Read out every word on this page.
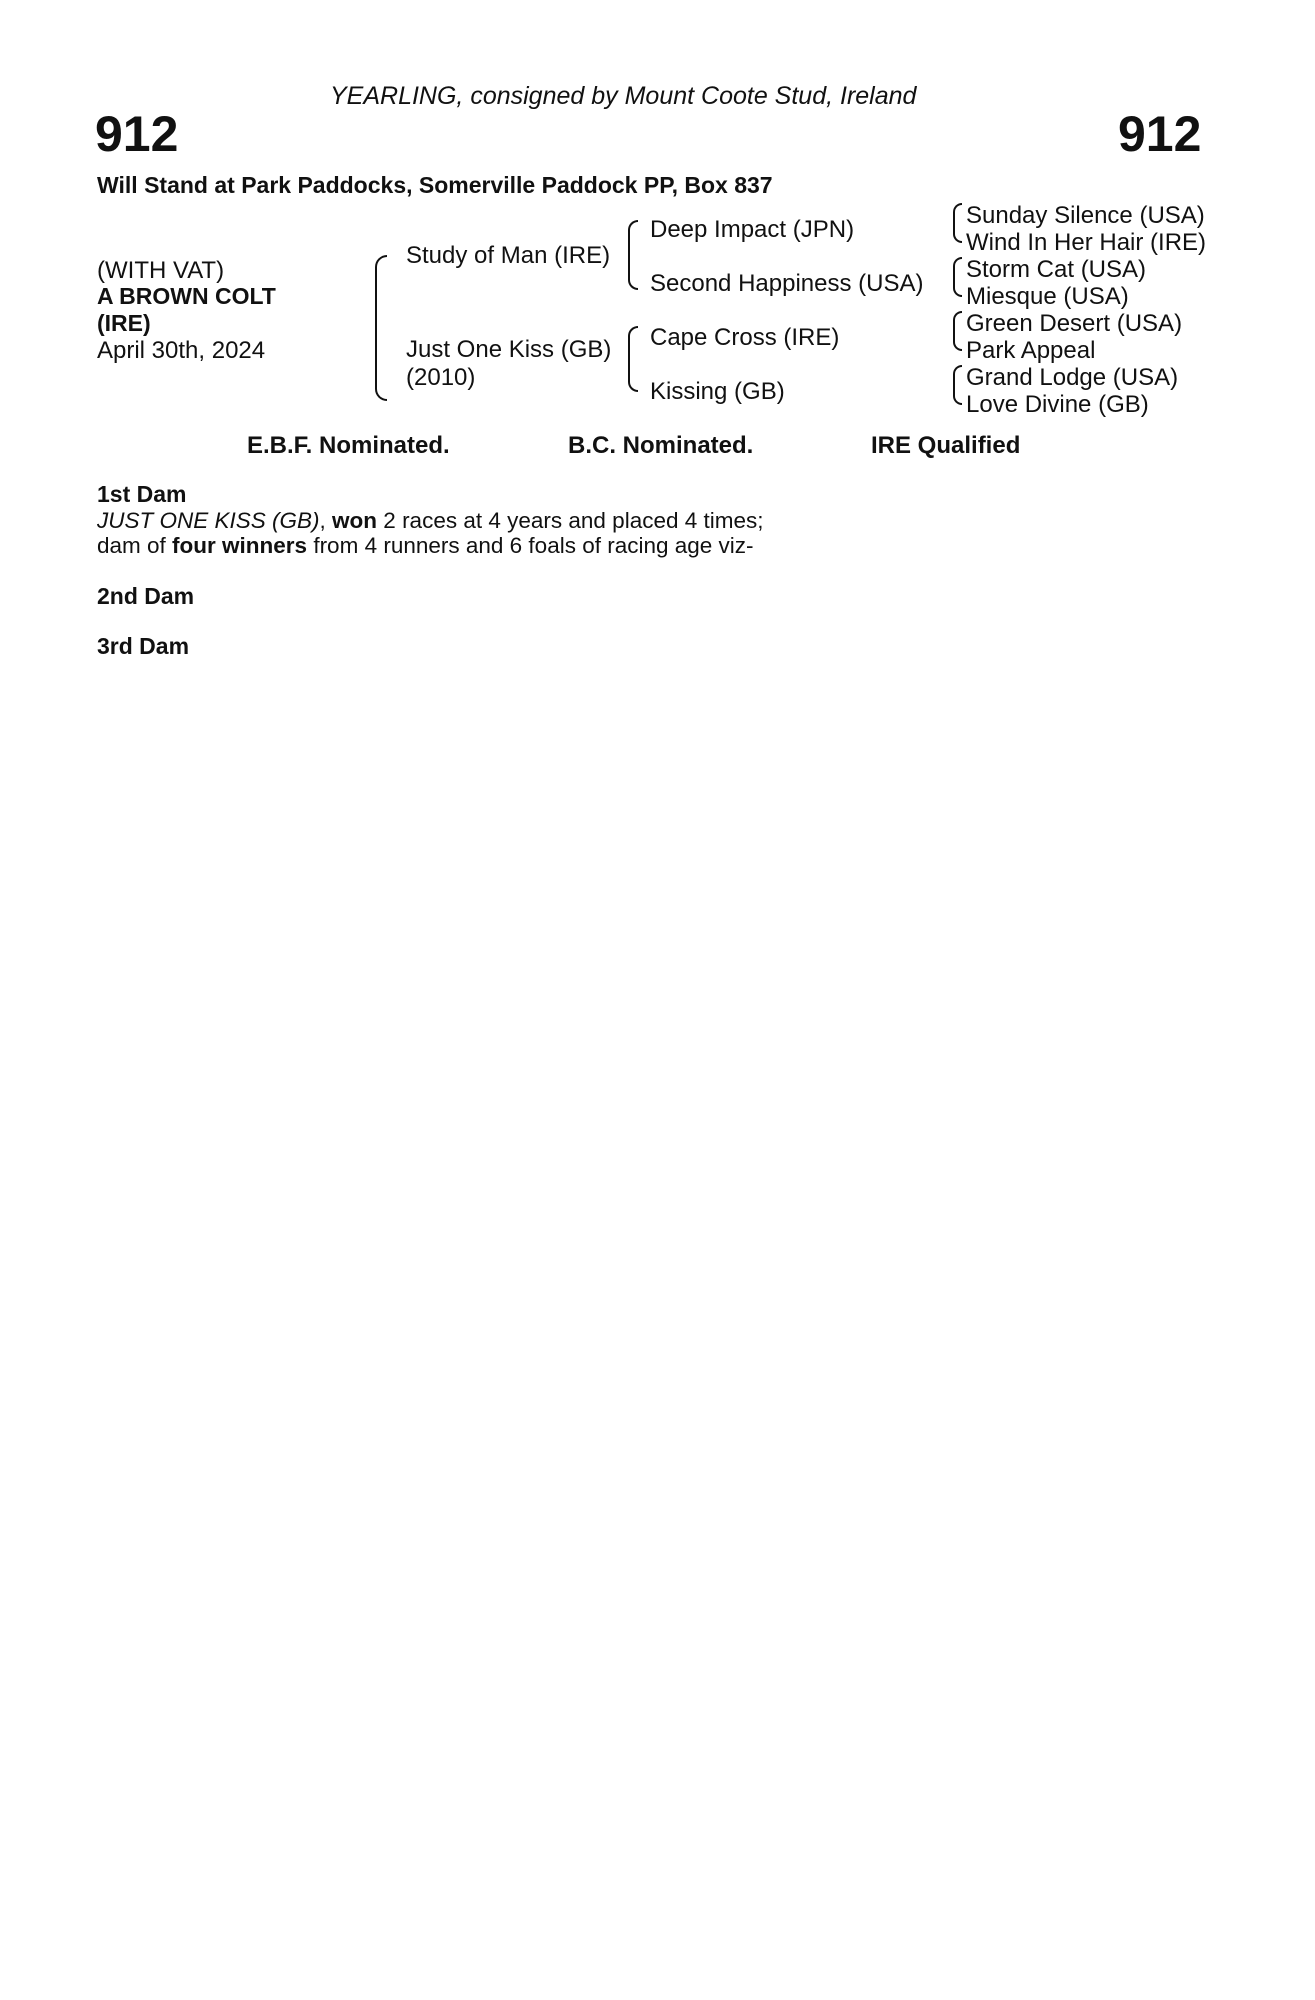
YEARLING, consigned by Mount Coote Stud, Ireland
912	912
Will Stand at Park Paddocks, Somerville Paddock PP, Box 837
(WITH VAT)
A BROWN COLT
(IRE)
April 30th, 2024
Study of Man (IRE)
Just One Kiss (GB)
(2010)
Deep Impact (JPN)
Second Happiness (USA)
Cape Cross (IRE)
Kissing (GB)
Sunday Silence (USA)
Wind In Her Hair (IRE)
Storm Cat (USA)
Miesque (USA)
Green Desert (USA)
Park Appeal
Grand Lodge (USA)
Love Divine (GB)
E.B.F. Nominated.	B.C. Nominated.	IRE Qualified

1st Dam

JUST ONE KISS (GB), won 2 races at 4 years and placed 4 times;

dam of four winners from 4 runners and 6 foals of racing age viz-

2nd Dam

3rd Dam
